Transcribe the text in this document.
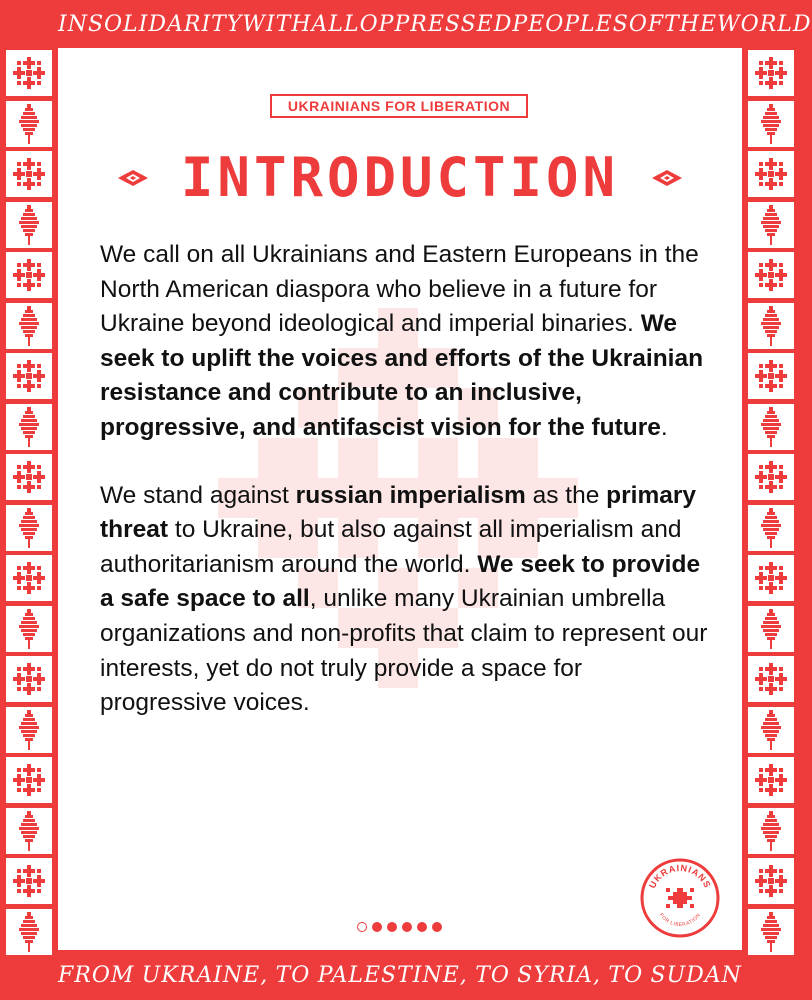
IN SOLIDARITY WITH ALL OPPRESSED PEOPLES OF THE WORLD
FROM UKRAINE, TO PALESTINE, TO SYRIA, TO SUDAN
UKRAINIANS FOR LIBERATION
INTRODUCTION

We call on all Ukrainians and Eastern Europeans in the North American diaspora who believe in a future for Ukraine beyond ideological and imperial binaries. We seek to uplift the voices and efforts of the Ukrainian resistance and contribute to an inclusive, progressive, and antifascist vision for the future.

We stand against russian imperialism as the primary threat to Ukraine, but also against all imperialism and authoritarianism around the world. We seek to provide a safe space to all, unlike many Ukrainian umbrella organizations and non-profits that claim to represent our interests, yet do not truly provide a space for progressive voices.

UKRAINIANS
FOR LIBERATION
